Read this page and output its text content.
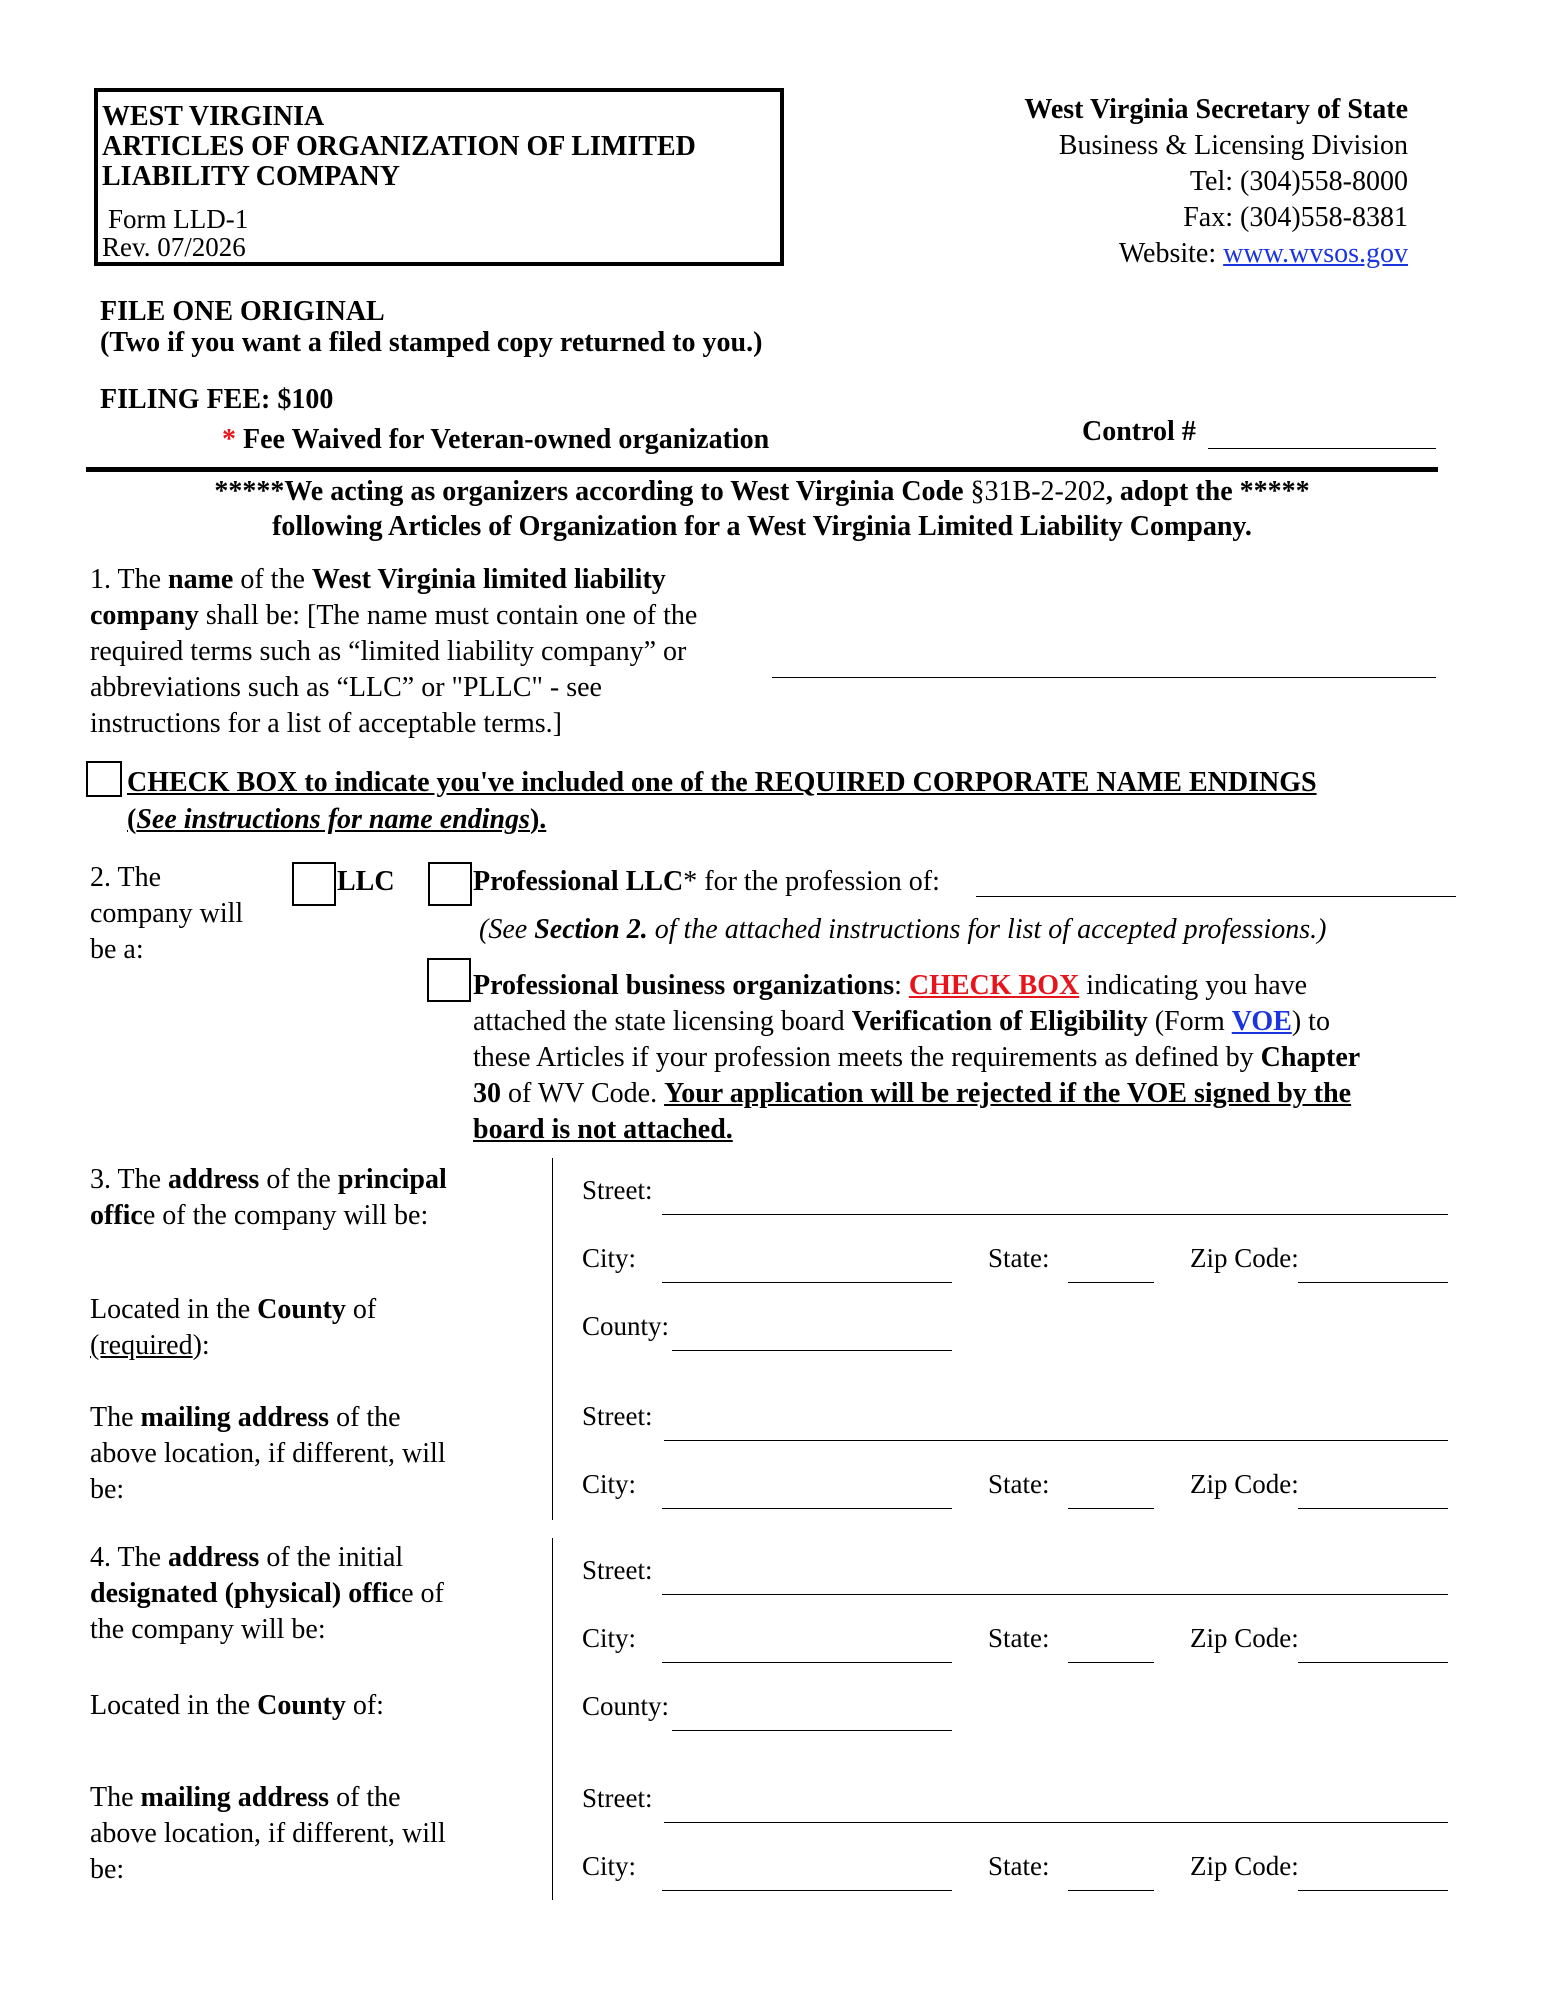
WEST VIRGINIA
ARTICLES OF ORGANIZATION OF LIMITED
LIABILITY COMPANY
Form LLD-1
Rev. 07/2026
West Virginia Secretary of State
Business & Licensing Division
Tel: (304)558-8000
Fax: (304)558-8381
Website: www.wvsos.gov
FILE ONE ORIGINAL
(Two if you want a filed stamped copy returned to you.)
FILING FEE: $100
* Fee Waived for Veteran-owned organization	Control #
*****We acting as organizers according to West Virginia Code §31B-2-202, adopt the *****
following Articles of Organization for a West Virginia Limited Liability Company.
1. The name of the West Virginia limited liability
company shall be: [The name must contain one of the
required terms such as “limited liability company” or
abbreviations such as “LLC” or "PLLC" - see
instructions for a list of acceptable terms.]
CHECK BOX to indicate you've included one of the REQUIRED CORPORATE NAME ENDINGS
(See instructions for name endings).
2. The
company will
be a:
LLC	Professional LLC* for the profession of:
(See Section 2. of the attached instructions for list of accepted professions.)
Professional business organizations: CHECK BOX indicating you have
attached the state licensing board Verification of Eligibility (Form VOE) to
these Articles if your profession meets the requirements as defined by Chapter
30 of WV Code. Your application will be rejected if the VOE signed by the
board is not attached.
3. The address of the principal
office of the company will be:
Located in the County of
(required):
The mailing address of the
above location, if different, will
be:
Street:
City:	State:	Zip Code:
County:
Street:
City:	State:	Zip Code:
4. The address of the initial
designated (physical) office of
the company will be:
Located in the County of:
The mailing address of the
above location, if different, will
be:
Street:
City:	State:	Zip Code:
County:
Street:
City:	State:	Zip Code:
